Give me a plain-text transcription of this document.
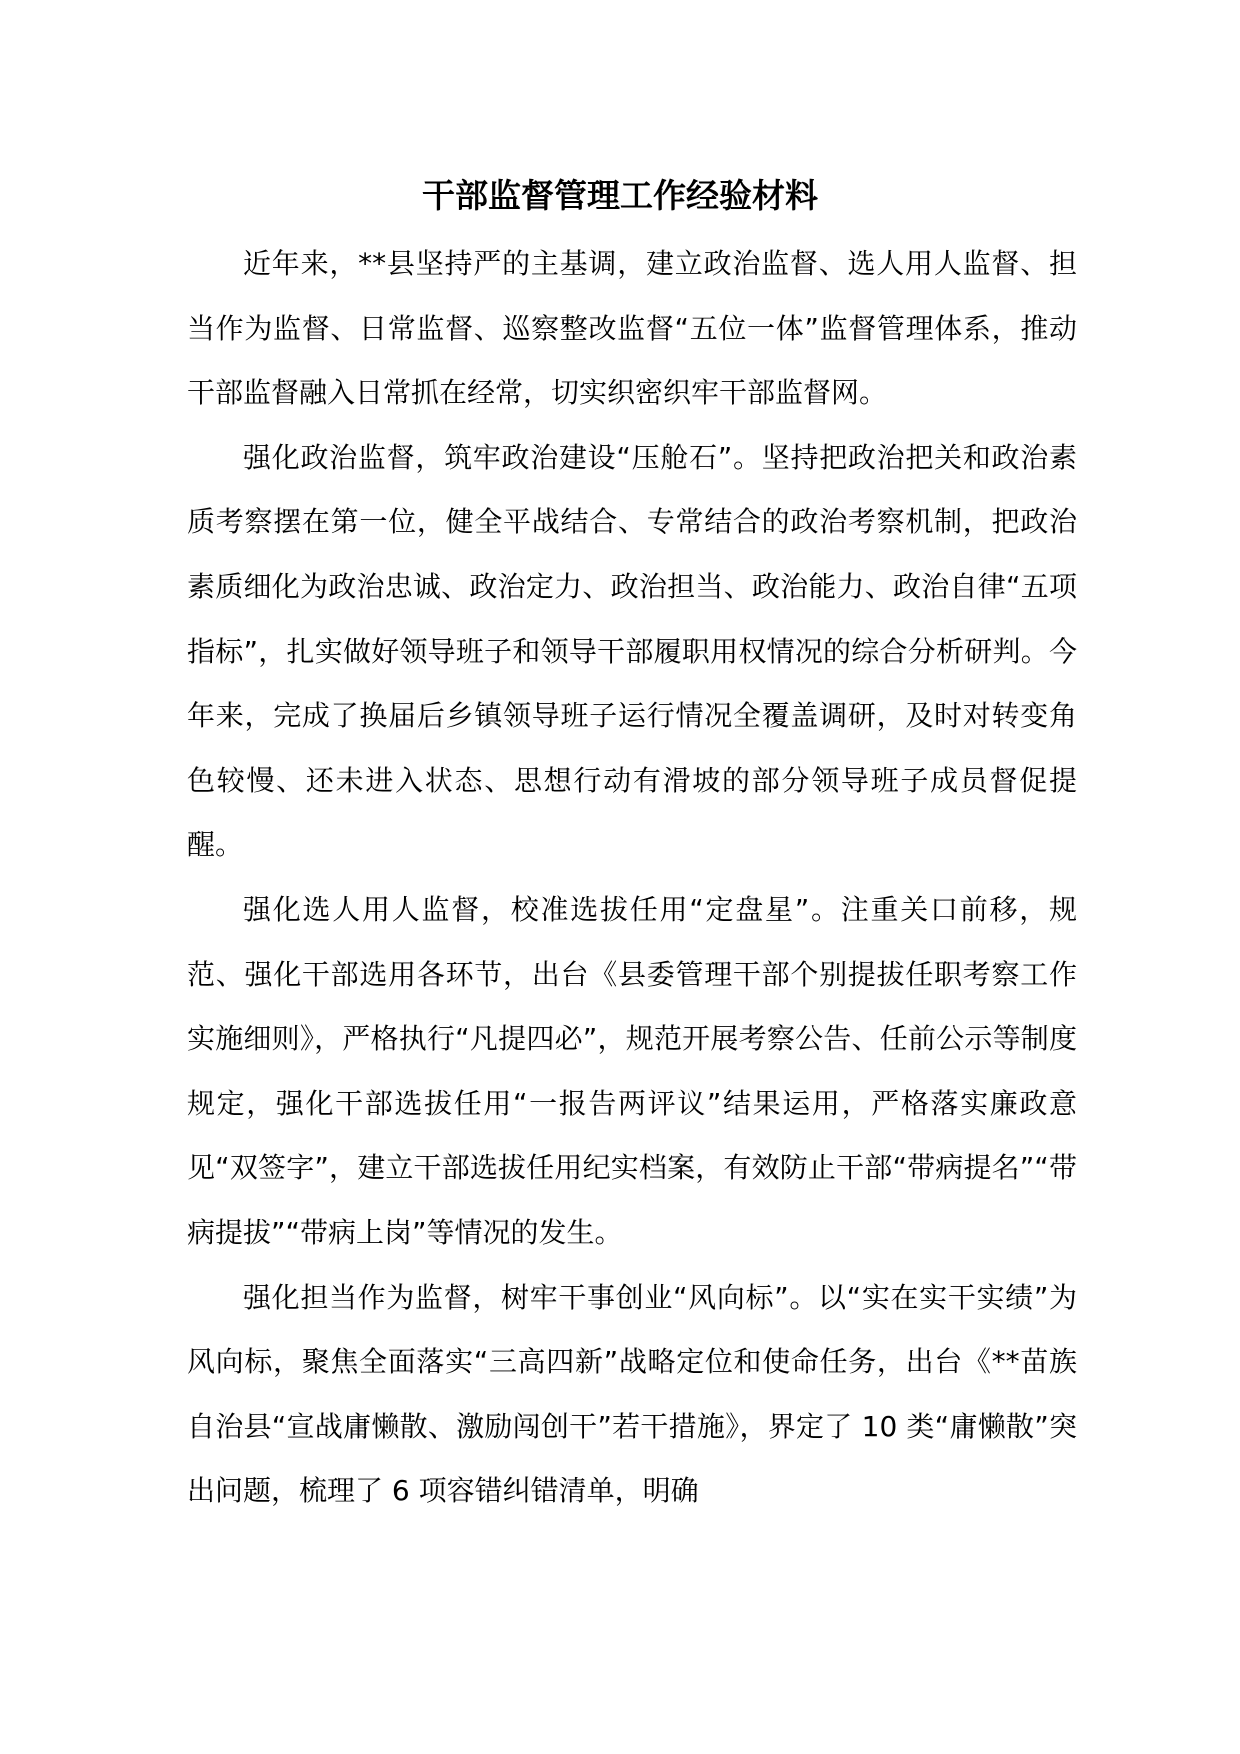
干部监督管理工作经验材料

近年来，**县坚持严的主基调，建立政治监督、选人用人监督、担当作为监督、日常监督、巡察整改监督“五位一体”监督管理体系，推动干部监督融入日常抓在经常，切实织密织牢干部监督网。

强化政治监督，筑牢政治建设“压舱石”。坚持把政治把关和政治素质考察摆在第一位，健全平战结合、专常结合的政治考察机制，把政治素质细化为政治忠诚、政治定力、政治担当、政治能力、政治自律“五项指标”，扎实做好领导班子和领导干部履职用权情况的综合分析研判。今年来，完成了换届后乡镇领导班子运行情况全覆盖调研，及时对转变角色较慢、还未进入状态、思想行动有滑坡的部分领导班子成员督促提醒。

强化选人用人监督，校准选拔任用“定盘星”。注重关口前移，规范、强化干部选用各环节，出台《县委管理干部个别提拔任职考察工作实施细则》，严格执行“凡提四必”，规范开展考察公告、任前公示等制度规定，强化干部选拔任用“一报告两评议”结果运用，严格落实廉政意见“双签字”，建立干部选拔任用纪实档案，有效防止干部“带病提名”“带病提拔”“带病上岗”等情况的发生。

强化担当作为监督，树牢干事创业“风向标”。以“实在实干实绩”为风向标，聚焦全面落实“三高四新”战略定位和使命任务，出台《**苗族自治县“宣战庸懒散、激励闯创干”若干措施》，界定了 10 类“庸懒散”突出问题，梳理了 6 项容错纠错清单，明确
